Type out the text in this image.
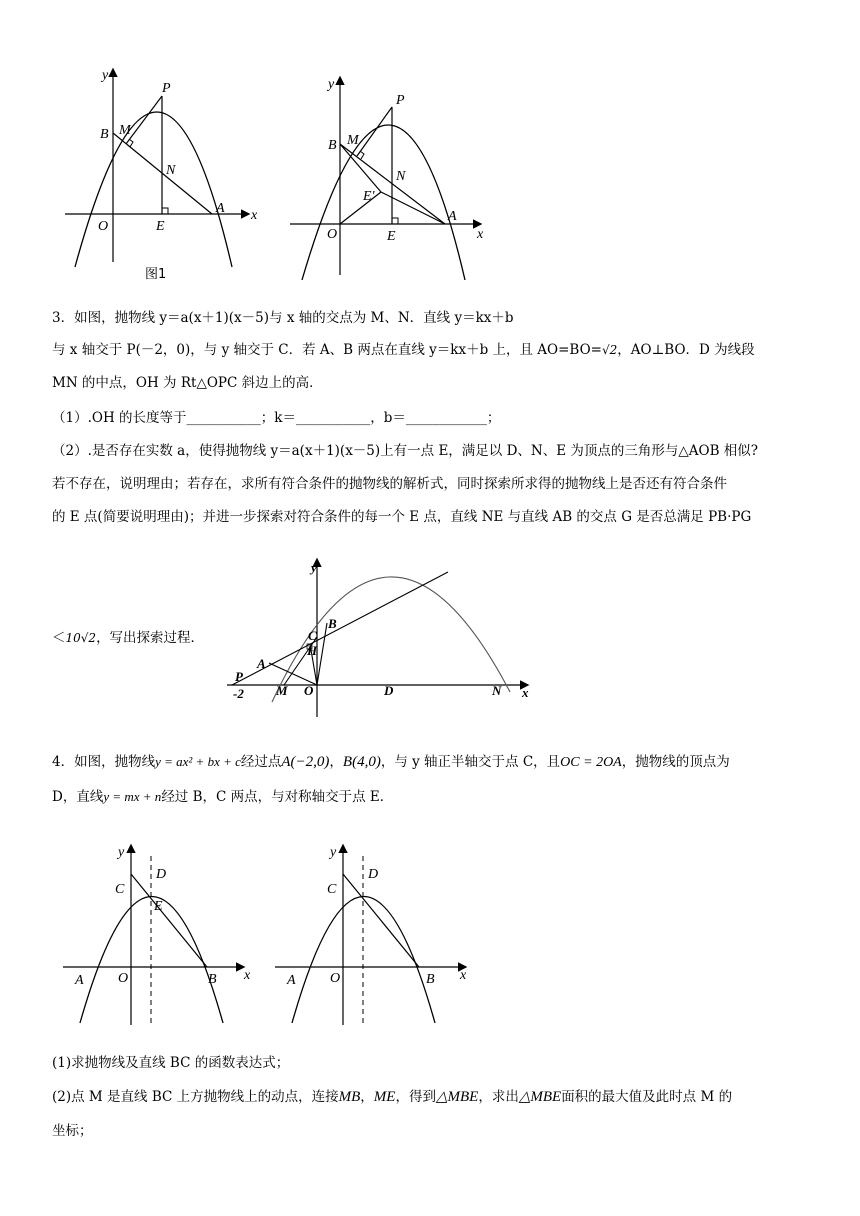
y
x
O
P
B M
N
E
A
图1
y
x
O
P
B M
N
E'
E
A
3．如图，抛物线 y＝a(x＋1)(x－5)与 x 轴的交点为 M、N．直线 y＝kx＋b
与 x 轴交于 P(－2，0)，与 y 轴交于 C．若 A、B 两点在直线 y＝kx＋b 上，且 AO=BO=√2，AO⊥BO．D 为线段
MN 的中点，OH 为 Rt△OPC 斜边上的高．
（1）.OH 的长度等于___________；k＝___________，b＝____________；
（2）.是否存在实数 a，使得抛物线 y＝a(x＋1)(x－5)上有一点 E，满足以 D、N、E 为顶点的三角形与△AOB 相似?
若不存在，说明理由；若存在，求所有符合条件的抛物线的解析式，同时探索所求得的抛物线上是否还有符合条件
的 E 点(简要说明理由)；并进一步探索对符合条件的每一个 E 点，直线 NE 与直线 AB 的交点 G 是否总满足 PB·PG
＜10√2，写出探索过程．
y
x
P
-2
A
M O
C
H
B
D	N
4．如图，抛物线y = ax² + bx + c经过点A(−2,0)，B(4,0)，与 y 轴正半轴交于点 C，且OC = 2OA，抛物线的顶点为
D，直线y = mx + n经过 B，C 两点，与对称轴交于点 E．
y
x
O
A	B
C
D
E
y
x
O
A	B
C
D
(1)求抛物线及直线 BC 的函数表达式；
(2)点 M 是直线 BC 上方抛物线上的动点，连接MB，ME，得到△MBE，求出△MBE面积的最大值及此时点 M 的
坐标；
